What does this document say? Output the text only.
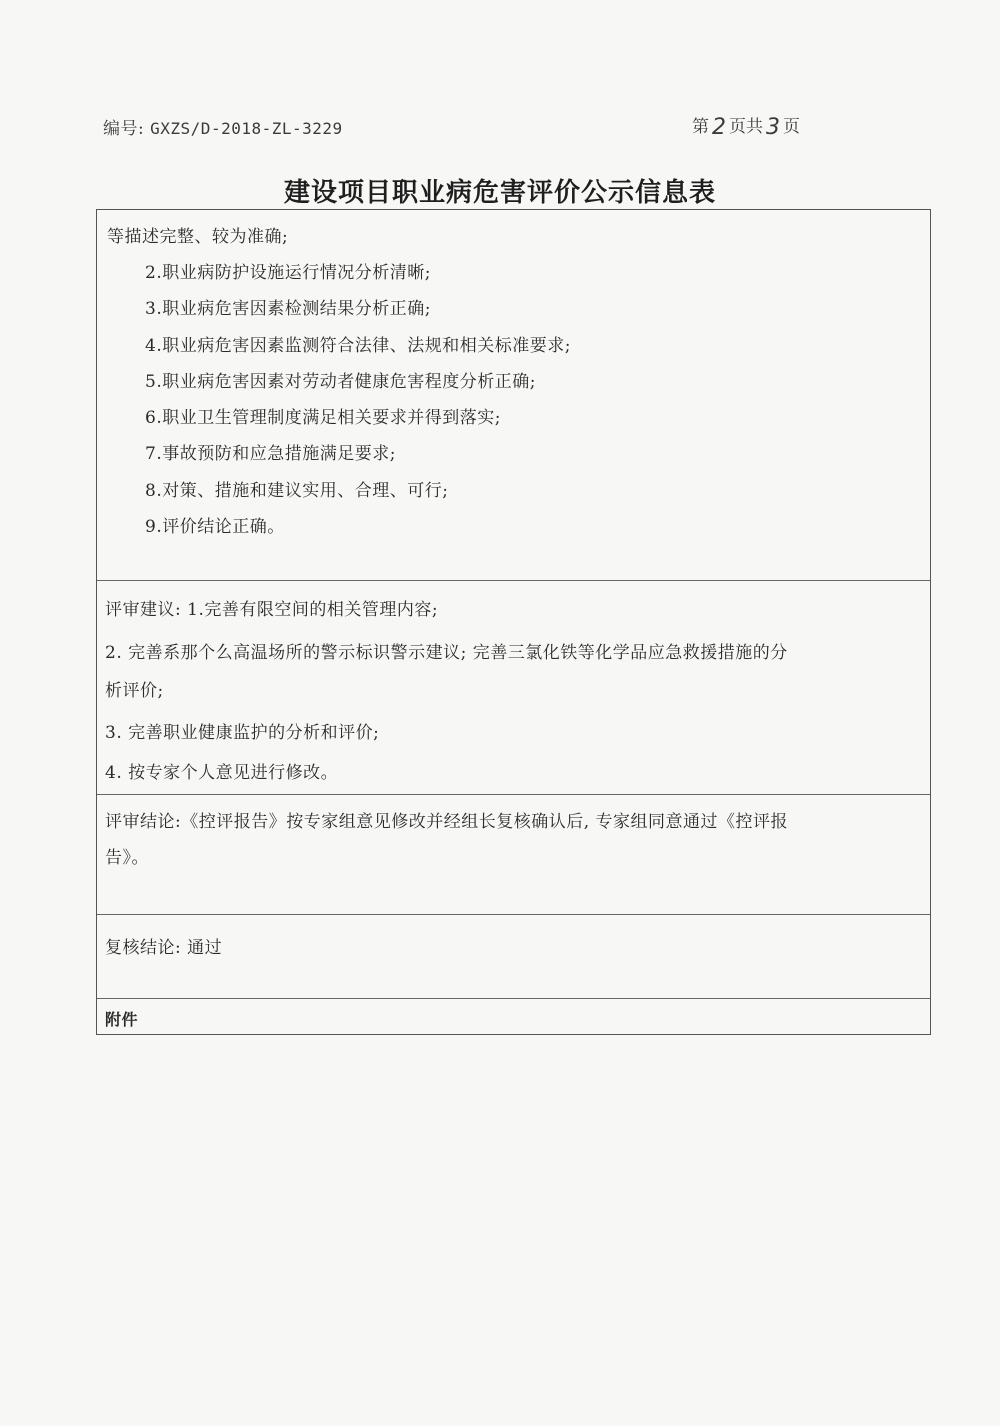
编号: GXZS/D-2018-ZL-3229	第 2 页共 3 页
建设项目职业病危害评价公示信息表
等描述完整、较为准确;
2.职业病防护设施运行情况分析清晰;
3.职业病危害因素检测结果分析正确;
4.职业病危害因素监测符合法律、法规和相关标准要求;
5.职业病危害因素对劳动者健康危害程度分析正确;
6.职业卫生管理制度满足相关要求并得到落实;
7.事故预防和应急措施满足要求;
8.对策、措施和建议实用、合理、可行;
9.评价结论正确。
评审建议: 1.完善有限空间的相关管理内容;
2. 完善系那个么高温场所的警示标识警示建议; 完善三氯化铁等化学品应急救援措施的分
析评价;
3. 完善职业健康监护的分析和评价;
4. 按专家个人意见进行修改。
评审结论:《控评报告》按专家组意见修改并经组长复核确认后, 专家组同意通过《控评报
告》。
复核结论: 通过
附件
